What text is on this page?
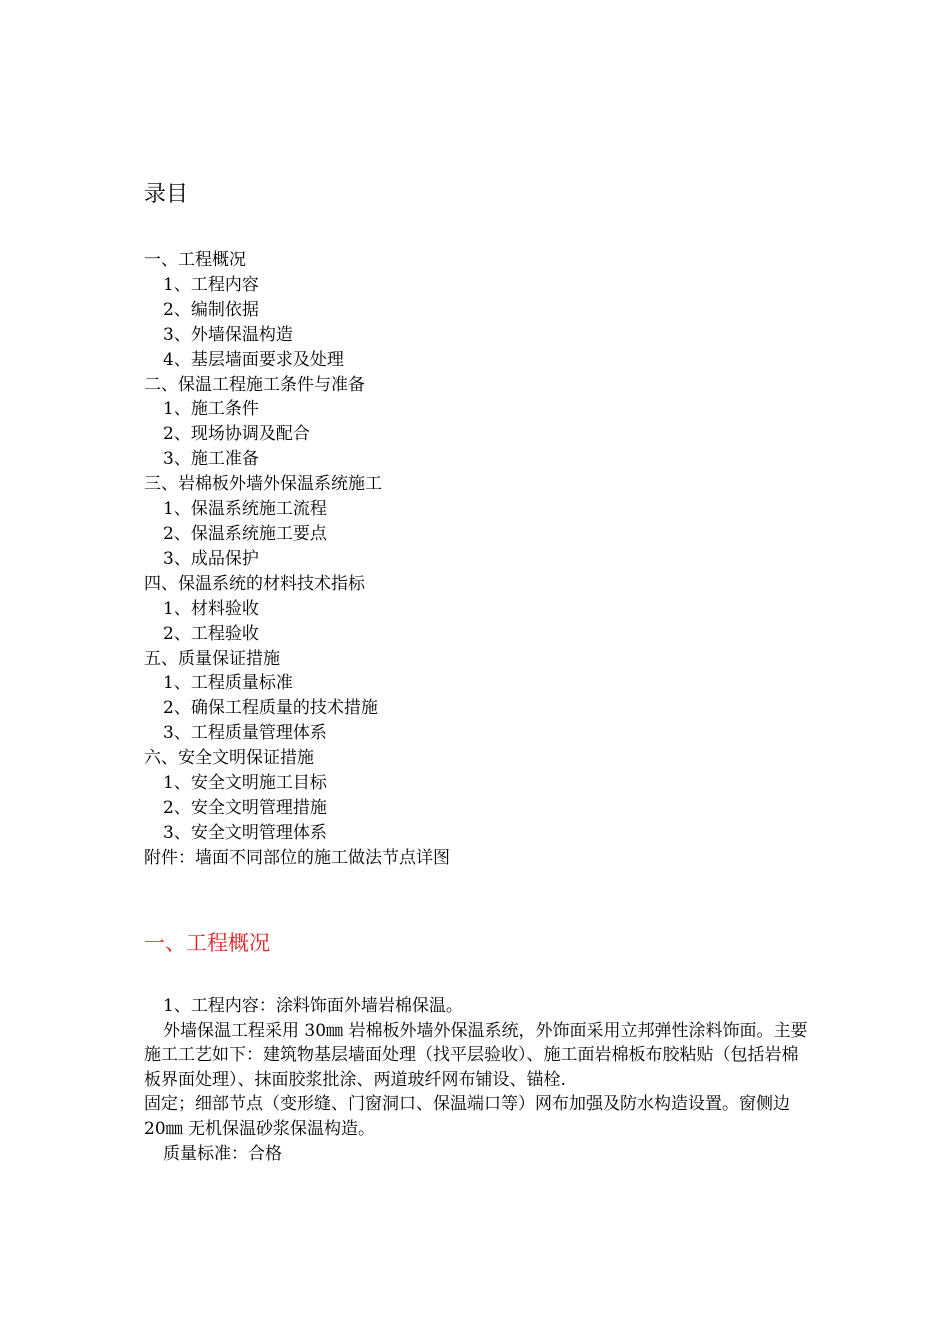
录目
一、工程概况
1、工程内容
2、编制依据
3、外墙保温构造
4、基层墙面要求及处理
二、保温工程施工条件与准备
1、施工条件
2、现场协调及配合
3、施工准备
三、岩棉板外墙外保温系统施工
1、保温系统施工流程
2、保温系统施工要点
3、成品保护
四、保温系统的材料技术指标
1、材料验收
2、工程验收
五、质量保证措施
1、工程质量标准
2、确保工程质量的技术措施
3、工程质量管理体系
六、安全文明保证措施
1、安全文明施工目标
2、安全文明管理措施
3、安全文明管理体系
附件：墙面不同部位的施工做法节点详图
一、工程概况

1、工程内容：涂料饰面外墙岩棉保温。

外墙保温工程采用 30㎜ 岩棉板外墙外保温系统，外饰面采用立邦弹性涂料饰面。主要施工工艺如下：建筑物基层墙面处理（找平层验收）、施工面岩棉板布胶粘贴（包括岩棉板界面处理）、抹面胶浆批涂、两道玻纤网布铺设、锚栓.

固定；细部节点（变形缝、门窗洞口、保温端口等）网布加强及防水构造设置。窗侧边 20㎜ 无机保温砂浆保温构造。

质量标准：合格
